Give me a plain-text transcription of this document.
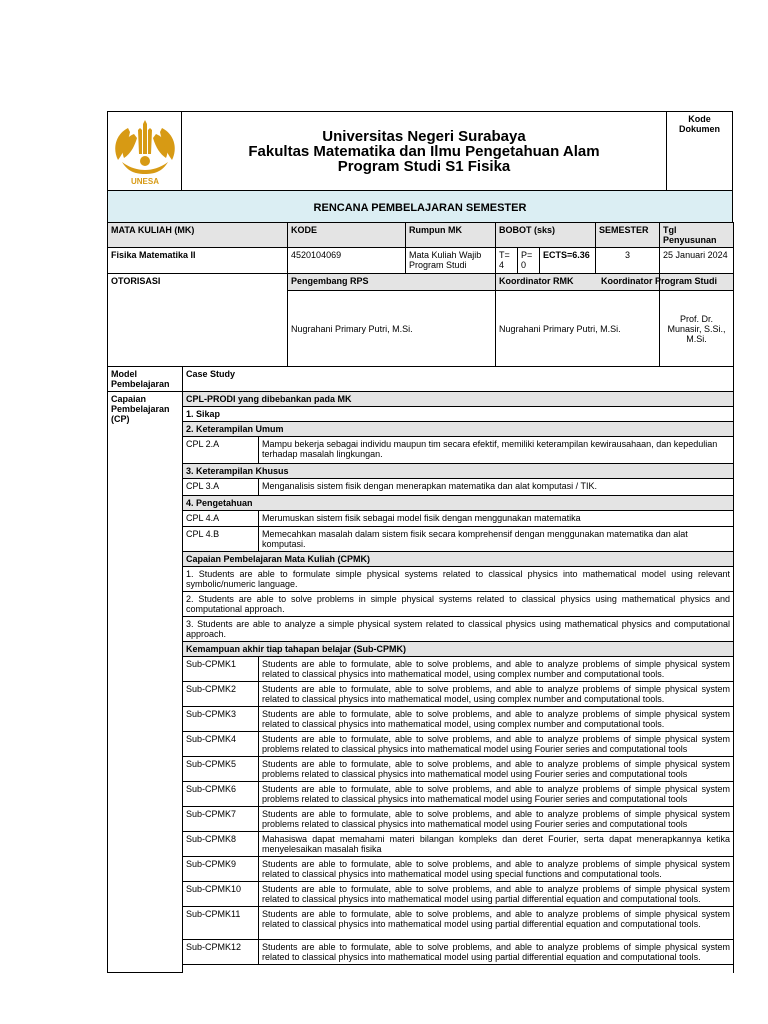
UNESA

Universitas Negeri Surabaya
Fakultas Matematika dan Ilmu Pengetahuan Alam
Program Studi S1 Fisika
	Kode Dokumen
RENCANA PEMBELAJARAN SEMESTER
MATA KULIAH (MK)			KODE	Rumpun MK	BOBOT (sks)			SEMESTER	Tgl Penyusunan
Fisika Matematika II			4520104069	Mata Kuliah Wajib Program Studi	T=4	P=0	ECTS=6.36	3	25 Januari 2024
OTORISASI			Pengembang RPS		Koordinator RMK				Koordinator Program Studi
			Nugrahani Primary Putri, M.Si.		Nugrahani Primary Putri, M.Si.				Prof. Dr. Munasir, S.Si., M.Si.
Model Pembelajaran	Case Study								
Capaian Pembelajaran (CP)	CPL-PRODI yang dibebankan pada MK								
	1. Sikap								
	2. Keterampilan Umum								
	CPL 2.A	Mampu bekerja sebagai individu maupun tim secara efektif, memiliki keterampilan kewirausahaan, dan kepedulian terhadap masalah lingkungan.							
	3. Keterampilan Khusus								
	CPL 3.A	Menganalisis sistem fisik dengan menerapkan matematika dan alat komputasi / TIK.							
	4. Pengetahuan								
	CPL 4.A	Merumuskan sistem fisik sebagai model fisik dengan menggunakan matematika							
	CPL 4.B	Memecahkan masalah dalam sistem fisik secara komprehensif dengan menggunakan matematika dan alat komputasi.							
	Capaian Pembelajaran Mata Kuliah (CPMK)								
	1. Students are able to formulate simple physical systems related to classical physics into mathematical model using relevant symbolic/numeric language.								
	2. Students are able to solve problems in simple physical systems related to classical physics using mathematical physics and computational approach.								
	3. Students are able to analyze a simple physical system related to classical physics using mathematical physics and computational approach.								
	Kemampuan akhir tiap tahapan belajar (Sub-CPMK)								
	Sub-CPMK1	Students are able to formulate, able to solve problems, and able to analyze problems of simple physical system related to classical physics into mathematical model, using complex number and computational tools.							
	Sub-CPMK2	Students are able to formulate, able to solve problems, and able to analyze problems of simple physical system related to classical physics into mathematical model, using complex number and computational tools.							
	Sub-CPMK3	Students are able to formulate, able to solve problems, and able to analyze problems of simple physical system related to classical physics into mathematical model, using complex number and computational tools.							
	Sub-CPMK4	Students are able to formulate, able to solve problems, and able to analyze problems of simple physical system problems related to classical physics into mathematical model using Fourier series and computational tools							
	Sub-CPMK5	Students are able to formulate, able to solve problems, and able to analyze problems of simple physical system problems related to classical physics into mathematical model using Fourier series and computational tools							
	Sub-CPMK6	Students are able to formulate, able to solve problems, and able to analyze problems of simple physical system problems related to classical physics into mathematical model using Fourier series and computational tools							
	Sub-CPMK7	Students are able to formulate, able to solve problems, and able to analyze problems of simple physical system problems related to classical physics into mathematical model using Fourier series and computational tools							
	Sub-CPMK8	Mahasiswa dapat memahami materi bilangan kompleks dan deret Fourier, serta dapat menerapkannya ketika menyelesaikan masalah fisika							
	Sub-CPMK9	Students are able to formulate, able to solve problems, and able to analyze problems of simple physical system related to classical physics into mathematical model using special functions and computational tools.							
	Sub-CPMK10	Students are able to formulate, able to solve problems, and able to analyze problems of simple physical system related to classical physics into mathematical model using partial differential equation and computational tools.							
	Sub-CPMK11	Students are able to formulate, able to solve problems, and able to analyze problems of simple physical system related to classical physics into mathematical model using partial differential equation and computational tools.							
	Sub-CPMK12	Students are able to formulate, able to solve problems, and able to analyze problems of simple physical system related to classical physics into mathematical model using partial differential equation and computational tools.							
